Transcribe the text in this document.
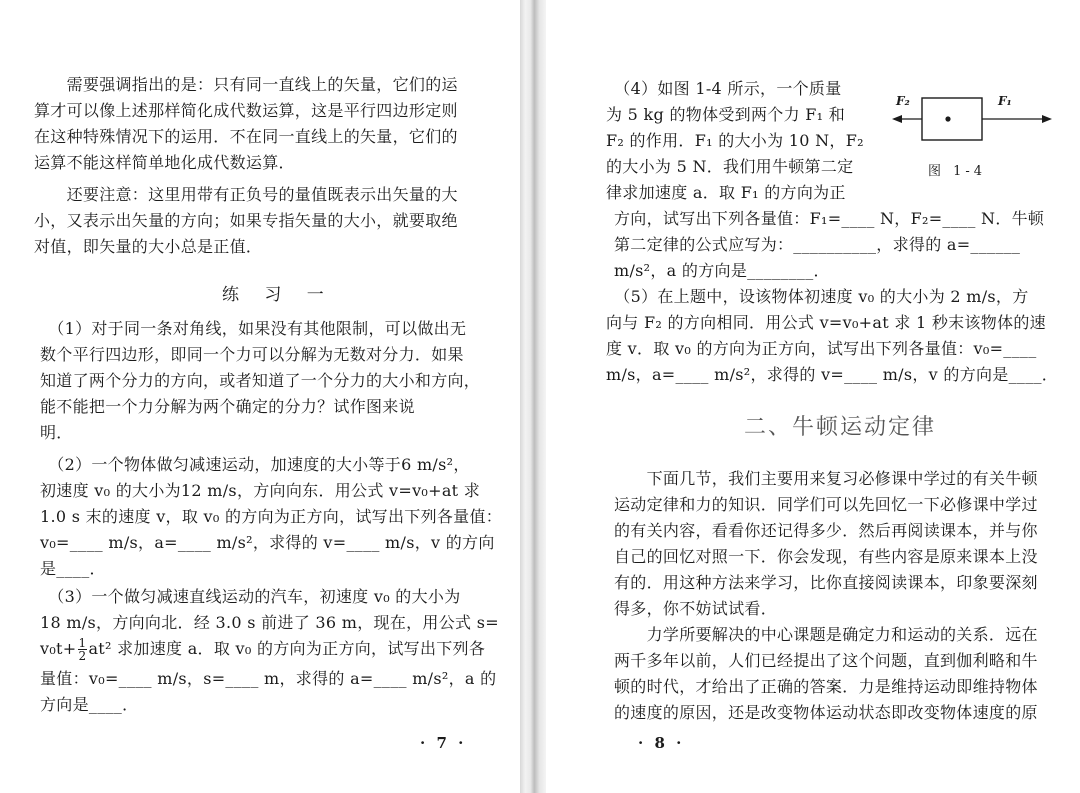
　　需要强调指出的是：只有同一直线上的矢量，它们的运
算才可以像上述那样简化成代数运算，这是平行四边形定则
在这种特殊情况下的运用．不在同一直线上的矢量，它们的
运算不能这样简单地化成代数运算．
　　还要注意：这里用带有正负号的量值既表示出矢量的大
小，又表示出矢量的方向；如果专指矢量的大小，就要取绝
对值，即矢量的大小总是正值．
练 习 一
　（1）对于同一条对角线，如果没有其他限制，可以做出无
数个平行四边形，即同一个力可以分解为无数对分力．如果
知道了两个分力的方向，或者知道了一个分力的大小和方向，
能不能把一个力分解为两个确定的分力？试作图来说
明．
　（2）一个物体做匀减速运动，加速度的大小等于6 m/s²，
初速度 v₀ 的大小为12 m/s，方向向东．用公式 v=v₀+at 求
1.0 s 末的速度 v，取 v₀ 的方向为正方向，试写出下列各量值：
v₀=____ m/s，a=____ m/s²，求得的 v=____ m/s，v 的方向
是____．
　（3）一个做匀减速直线运动的汽车，初速度 v₀ 的大小为
18 m/s，方向向北．经 3.0 s 前进了 36 m，现在，用公式 s=
$v_0t+ \frac{1}{2} at^2$ 求加速度 a．取 v₀ 的方向为正方向，试写出下列各
量值：v₀=____ m/s，s=____ m，求得的 a=____ m/s²，a 的
方向是____．
· 7 ·
　（4）如图 1-4 所示，一个质量
为 5 kg 的物体受到两个力 F₁ 和
F₂ 的作用．F₁ 的大小为 10 N，F₂
的大小为 5 N．我们用牛顿第二定
律求加速度 a．取 F₁ 的方向为正
F₂	F₁
图 1-4
方向，试写出下列各量值：F₁=____ N，F₂=____ N．牛顿
第二定律的公式应写为：__________，求得的 a=______
m/s²，a 的方向是________．
　（5）在上题中，设该物体初速度 v₀ 的大小为 2 m/s，方
向与 F₂ 的方向相同．用公式 v=v₀+at 求 1 秒末该物体的速
度 v．取 v₀ 的方向为正方向，试写出下列各量值：v₀=____
m/s，a=____ m/s²，求得的 v=____ m/s，v 的方向是____．
二、牛顿运动定律
　　下面几节，我们主要用来复习必修课中学过的有关牛顿
运动定律和力的知识．同学们可以先回忆一下必修课中学过
的有关内容，看看你还记得多少．然后再阅读课本，并与你
自己的回忆对照一下．你会发现，有些内容是原来课本上没
有的．用这种方法来学习，比你直接阅读课本，印象要深刻
得多，你不妨试试看．
　　力学所要解决的中心课题是确定力和运动的关系．远在
两千多年以前，人们已经提出了这个问题，直到伽利略和牛
顿的时代，才给出了正确的答案．力是维持运动即维持物体
的速度的原因，还是改变物体运动状态即改变物体速度的原
· 8 ·
